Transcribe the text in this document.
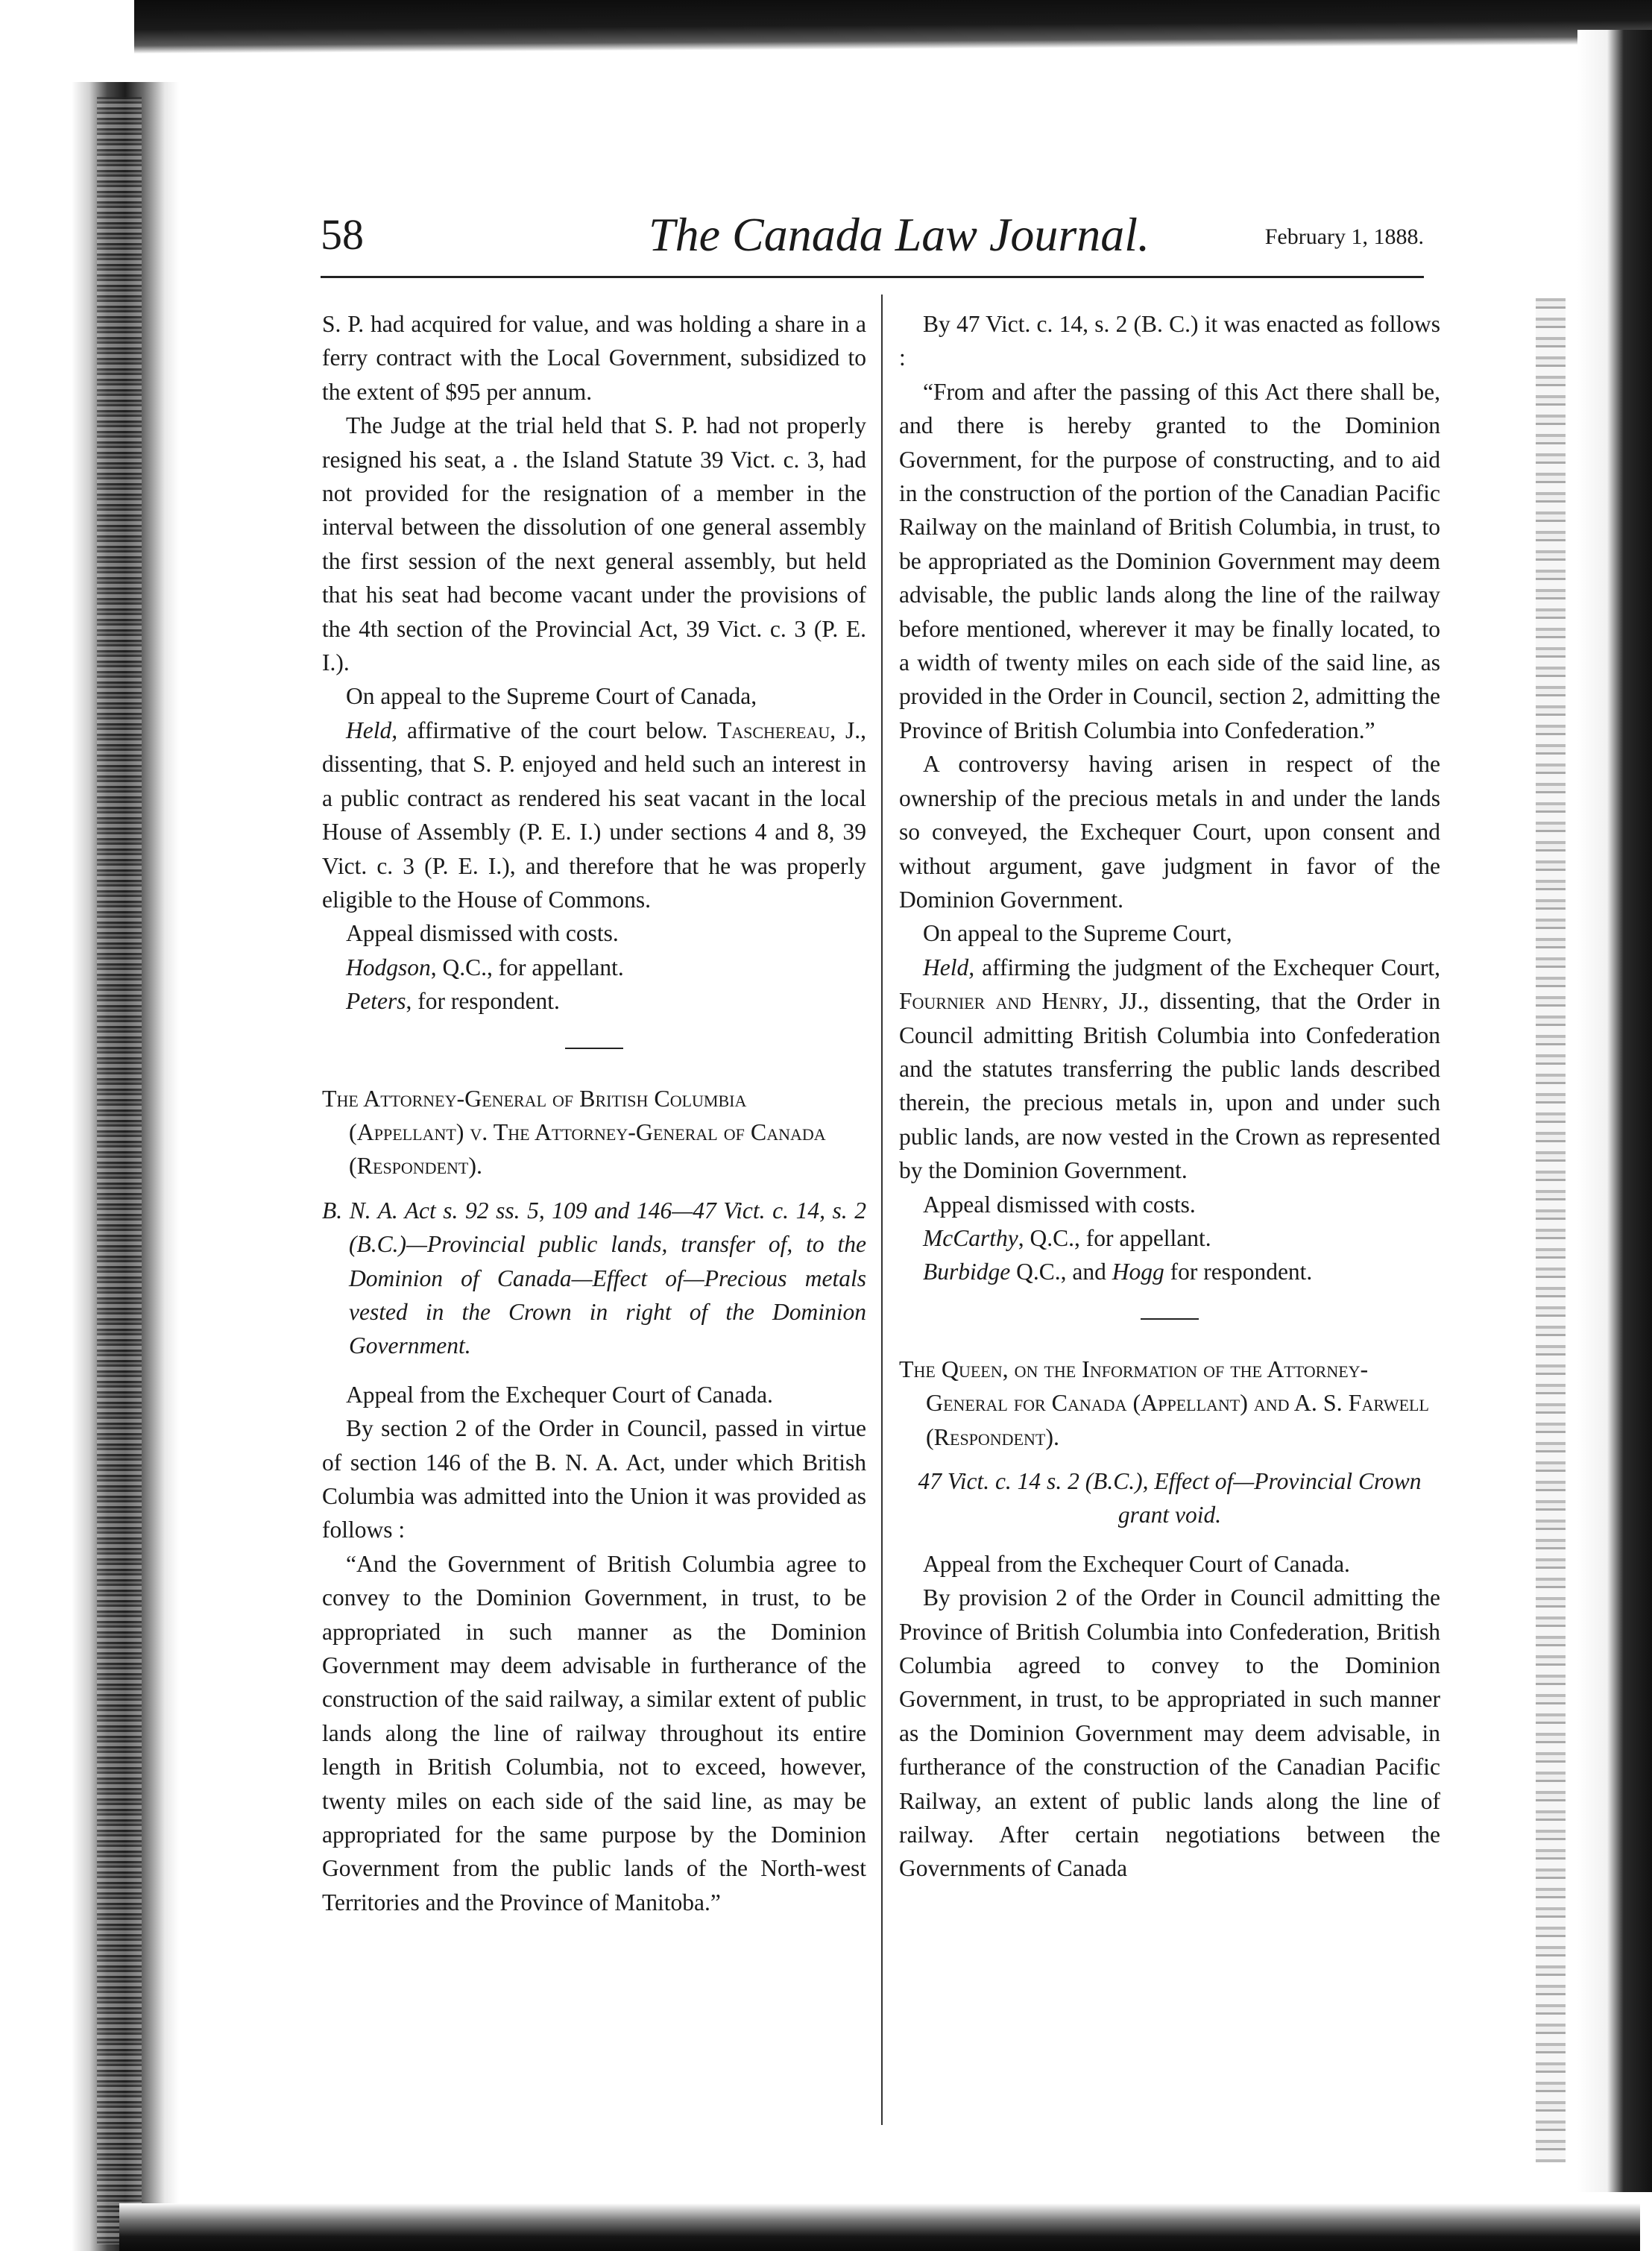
58	The Canada Law Journal.	February 1, 1888.

S. P. had acquired for value, and was holding a share in a ferry contract with the Local Government, subsidized to the extent of $95 per annum.

The Judge at the trial held that S. P. had not properly resigned his seat, a . the Island Statute 39 Vict. c. 3, had not provided for the resignation of a member in the interval between the dissolution of one general assembly the first session of the next general assembly, but held that his seat had become vacant under the provisions of the 4th section of the Provincial Act, 39 Vict. c. 3 (P. E. I.).

On appeal to the Supreme Court of Canada,

Held, affirmative of the court below. Taschereau, J., dissenting, that S. P. enjoyed and held such an interest in a public contract as rendered his seat vacant in the local House of Assembly (P. E. I.) under sections 4 and 8, 39 Vict. c. 3 (P. E. I.), and therefore that he was properly eligible to the House of Commons.

Appeal dismissed with costs.

Hodgson, Q.C., for appellant.

Peters, for respondent.

The Attorney-General of British Columbia (Appellant) v. The Attorney-General of Canada (Respondent).

B. N. A. Act s. 92 ss. 5, 109 and 146—47 Vict. c. 14, s. 2 (B.C.)—Provincial public lands, transfer of, to the Dominion of Canada—Effect of—Precious metals vested in the Crown in right of the Dominion Government.

Appeal from the Exchequer Court of Canada.

By section 2 of the Order in Council, passed in virtue of section 146 of the B. N. A. Act, under which British Columbia was admitted into the Union it was provided as follows :

“And the Government of British Columbia agree to convey to the Dominion Government, in trust, to be appropriated in such manner as the Dominion Government may deem advisable in furtherance of the construction of the said railway, a similar extent of public lands along the line of railway throughout its entire length in British Columbia, not to exceed, however, twenty miles on each side of the said line, as may be appropriated for the same purpose by the Dominion Government from the public lands of the North-west Territories and the Province of Manitoba.”

By 47 Vict. c. 14, s. 2 (B. C.) it was enacted as follows :

“From and after the passing of this Act there shall be, and there is hereby granted to the Dominion Government, for the purpose of constructing, and to aid in the construction of the portion of the Canadian Pacific Railway on the mainland of British Columbia, in trust, to be appropriated as the Dominion Government may deem advisable, the public lands along the line of the railway before mentioned, wherever it may be finally located, to a width of twenty miles on each side of the said line, as provided in the Order in Council, section 2, admitting the Province of British Columbia into Confederation.”

A controversy having arisen in respect of the ownership of the precious metals in and under the lands so conveyed, the Exchequer Court, upon consent and without argument, gave judgment in favor of the Dominion Government.

On appeal to the Supreme Court,

Held, affirming the judgment of the Exchequer Court, Fournier and Henry, JJ., dissenting, that the Order in Council admitting British Columbia into Confederation and the statutes transferring the public lands described therein, the precious metals in, upon and under such public lands, are now vested in the Crown as represented by the Dominion Government.

Appeal dismissed with costs.

McCarthy, Q.C., for appellant.

Burbidge Q.C., and Hogg for respondent.

The Queen, on the Information of the Attorney-General for Canada (Appellant) and A. S. Farwell (Respondent).

47 Vict. c. 14 s. 2 (B.C.), Effect of—Provincial Crown grant void.

Appeal from the Exchequer Court of Canada.

By provision 2 of the Order in Council admitting the Province of British Columbia into Confederation, British Columbia agreed to convey to the Dominion Government, in trust, to be appropriated in such manner as the Dominion Government may deem advisable, in furtherance of the construction of the Canadian Pacific Railway, an extent of public lands along the line of railway. After certain negotiations between the Governments of Canada
